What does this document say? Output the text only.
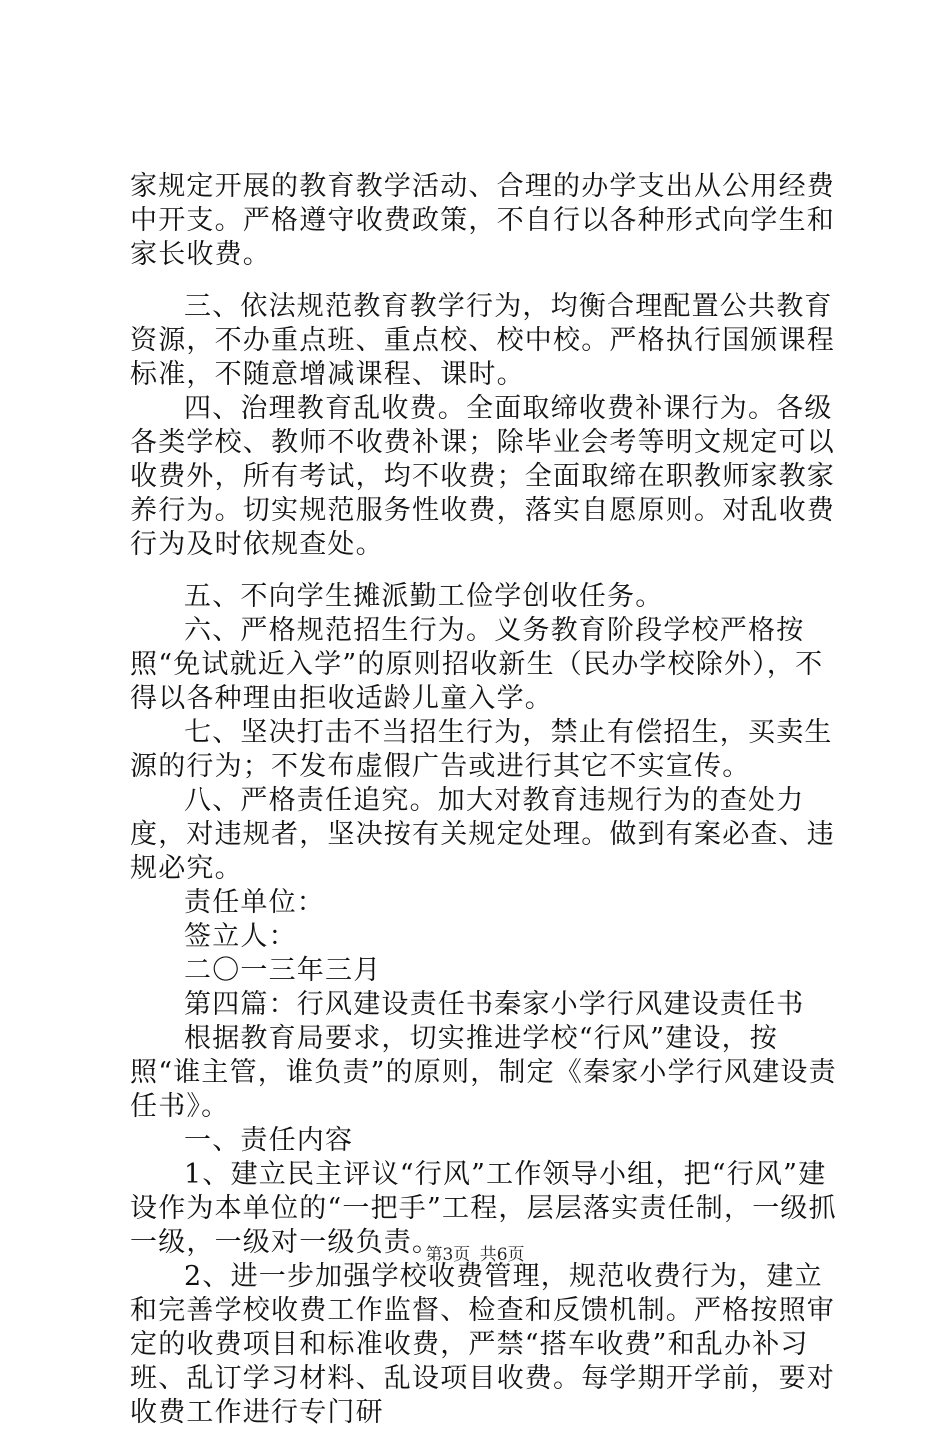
家规定开展的教育教学活动、合理的办学支出从公用经费中开支。严格遵守收费政策，不自行以各种形式向学生和家长收费。

三、依法规范教育教学行为，均衡合理配置公共教育资源，不办重点班、重点校、校中校。严格执行国颁课程标准，不随意增减课程、课时。

四、治理教育乱收费。全面取缔收费补课行为。各级各类学校、教师不收费补课；除毕业会考等明文规定可以收费外，所有考试，均不收费；全面取缔在职教师家教家养行为。切实规范服务性收费，落实自愿原则。对乱收费行为及时依规查处。

五、不向学生摊派勤工俭学创收任务。

六、严格规范招生行为。义务教育阶段学校严格按照“免试就近入学”的原则招收新生（民办学校除外），不得以各种理由拒收适龄儿童入学。

七、坚决打击不当招生行为，禁止有偿招生，买卖生源的行为；不发布虚假广告或进行其它不实宣传。

八、严格责任追究。加大对教育违规行为的查处力度，对违规者，坚决按有关规定处理。做到有案必查、违规必究。

责任单位：

签立人：

二〇一三年三月

第四篇：行风建设责任书秦家小学行风建设责任书

根据教育局要求，切实推进学校“行风”建设，按照“谁主管，谁负责”的原则，制定《秦家小学行风建设责任书》。

一、责任内容

1、建立民主评议“行风”工作领导小组，把“行风”建设作为本单位的“一把手”工程，层层落实责任制，一级抓一级，一级对一级负责。

2、进一步加强学校收费管理，规范收费行为，建立和完善学校收费工作监督、检查和反馈机制。严格按照审定的收费项目和标准收费，严禁“搭车收费”和乱办补习班、乱订学习材料、乱设项目收费。每学期开学前，要对收费工作进行专门研

第3页 共6页
